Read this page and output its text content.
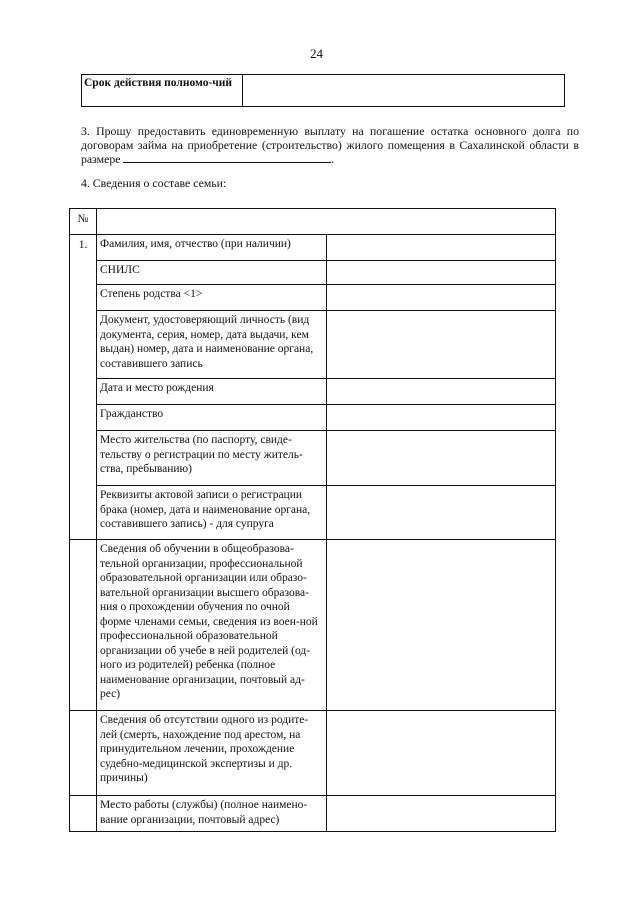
24
Срок действия полномо-чий	
3. Прошу предоставить единовременную выплату на погашение остатка основного долга по договорам займа на приобретение (строительство) жилого помещения в Сахалинской области в размере	.
4. Сведения о составе семьи:
№		
1.	Фамилия, имя, отчество (при наличии)	
	СНИЛС	
	Степень родства <1>	
	Документ, удостоверяющий личность (вид документа, серия, номер, дата выдачи, кем выдан) номер, дата и наименование органа, составившего запись	
	Дата и место рождения	
	Гражданство	
	Место жительства (по паспорту, свиде-тельству о регистрации по месту житель-ства, пребыванию)	
	Реквизиты актовой записи о регистрации брака (номер, дата и наименование органа, составившего запись) - для супруга	
	Сведения об обучении в общеобразова-тельной организации, профессиональной образовательной организации или образо-вательной организации высшего образова-ния о прохождении обучения по очной форме членами семьи, сведения из воен-ной профессиональной образовательной организации об учебе в ней родителей (од-ного из родителей) ребенка (полное наименование организации, почтовый ад-рес)	
	Сведения об отсутствии одного из родите-лей (смерть, нахождение под арестом, на принудительном лечении, прохождение судебно-медицинской экспертизы и др. причины)	
	Место работы (службы) (полное наимено-вание организации, почтовый адрес)	
